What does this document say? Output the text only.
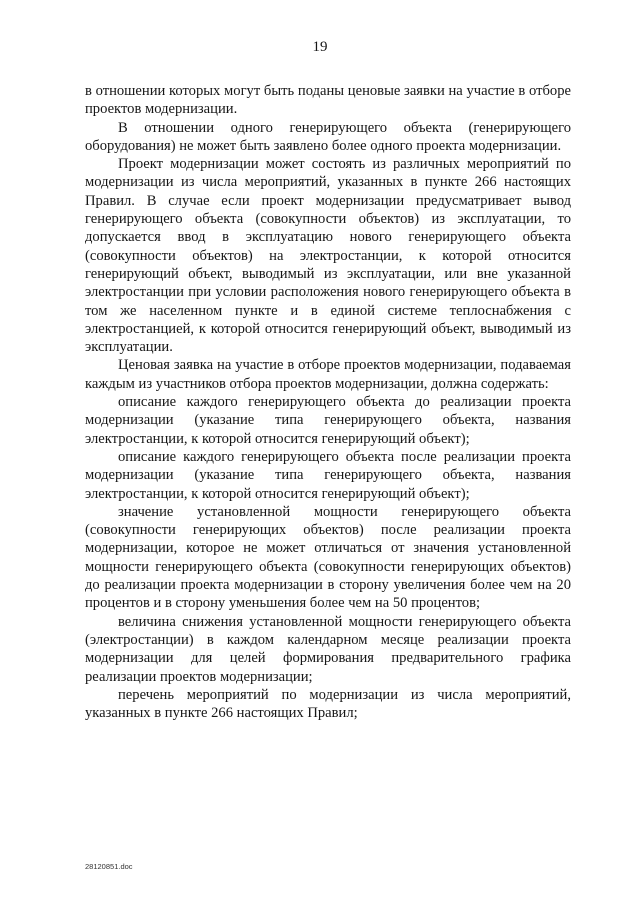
19

в отношении которых могут быть поданы ценовые заявки на участие в отборе проектов модернизации.

В отношении одного генерирующего объекта (генерирующего оборудования) не может быть заявлено более одного проекта модернизации.

Проект модернизации может состоять из различных мероприятий по модернизации из числа мероприятий, указанных в пункте 266 настоящих Правил. В случае если проект модернизации предусматривает вывод генерирующего объекта (совокупности объектов) из эксплуатации, то допускается ввод в эксплуатацию нового генерирующего объекта (совокупности объектов) на электростанции, к которой относится генерирующий объект, выводимый из эксплуатации, или вне указанной электростанции при условии расположения нового генерирующего объекта в том же населенном пункте и в единой системе теплоснабжения с электростанцией, к которой относится генерирующий объект, выводимый из эксплуатации.

Ценовая заявка на участие в отборе проектов модернизации, подаваемая каждым из участников отбора проектов модернизации, должна содержать:

описание каждого генерирующего объекта до реализации проекта модернизации (указание типа генерирующего объекта, названия электростанции, к которой относится генерирующий объект);

описание каждого генерирующего объекта после реализации проекта модернизации (указание типа генерирующего объекта, названия электростанции, к которой относится генерирующий объект);

значение установленной мощности генерирующего объекта (совокупности генерирующих объектов) после реализации проекта модернизации, которое не может отличаться от значения установленной мощности генерирующего объекта (совокупности генерирующих объектов) до реализации проекта модернизации в сторону увеличения более чем на 20 процентов и в сторону уменьшения более чем на 50 процентов;

величина снижения установленной мощности генерирующего объекта (электростанции) в каждом календарном месяце реализации проекта модернизации для целей формирования предварительного графика реализации проектов модернизации;

перечень мероприятий по модернизации из числа мероприятий, указанных в пункте 266 настоящих Правил;

28120851.doc
